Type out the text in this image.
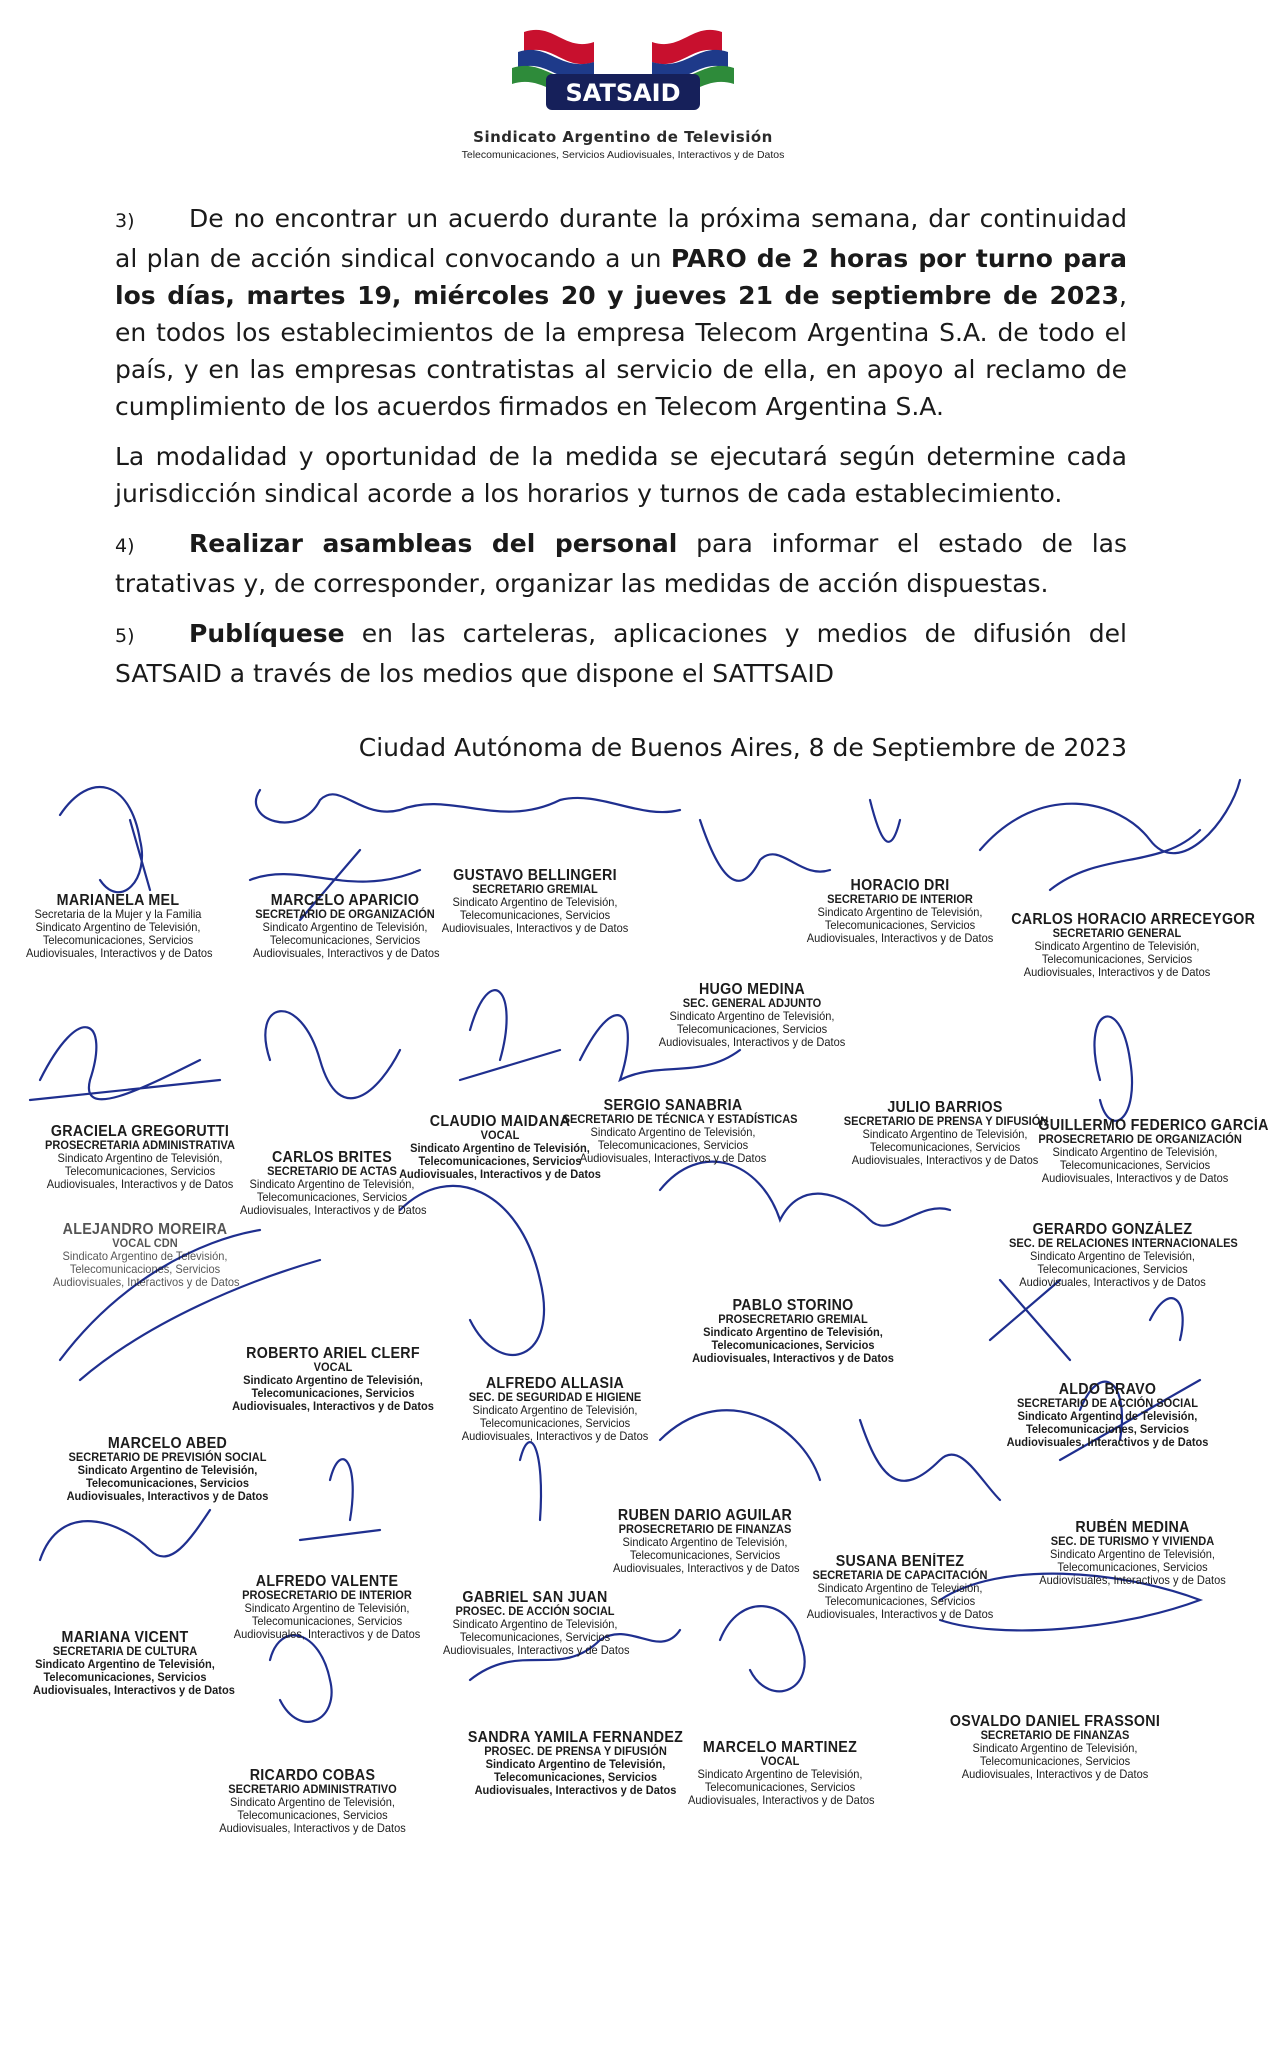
SATSAID
Sindicato Argentino de Televisión
Telecomunicaciones, Servicios Audiovisuales, Interactivos y de Datos

3) De no encontrar un acuerdo durante la próxima semana, dar continuidad al plan de acción sindical convocando a un PARO de 2 horas por turno para los días, martes 19, miércoles 20 y jueves 21 de septiembre de 2023, en todos los establecimientos de la empresa Telecom Argentina S.A. de todo el país, y en las empresas contratistas al servicio de ella, en apoyo al reclamo de cumplimiento de los acuerdos firmados en Telecom Argentina S.A.

La modalidad y oportunidad de la medida se ejecutará según determine cada jurisdicción sindical acorde a los horarios y turnos de cada establecimiento.

4) Realizar asambleas del personal para informar el estado de las tratativas y, de corresponder, organizar las medidas de acción dispuestas.

5) Publíquese en las carteleras, aplicaciones y medios de difusión del SATSAID a través de los medios que dispone el SATTSAID

Ciudad Autónoma de Buenos Aires, 8 de Septiembre de 2023
MARIANELA MEL
Secretaria de la Mujer y la Familia
Sindicato Argentino de Televisión,
Telecomunicaciones, Servicios
Audiovisuales, Interactivos y de Datos
MARCELO APARICIO
SECRETARIO DE ORGANIZACIÓN
Sindicato Argentino de Televisión,
Telecomunicaciones, Servicios
Audiovisuales, Interactivos y de Datos
GUSTAVO BELLINGERI
SECRETARIO GREMIAL
Sindicato Argentino de Televisión,
Telecomunicaciones, Servicios
Audiovisuales, Interactivos y de Datos
HORACIO DRI
SECRETARIO DE INTERIOR
Sindicato Argentino de Televisión,
Telecomunicaciones, Servicios
Audiovisuales, Interactivos y de Datos
CARLOS HORACIO ARRECEYGOR
SECRETARIO GENERAL
Sindicato Argentino de Televisión,
Telecomunicaciones, Servicios
Audiovisuales, Interactivos y de Datos
HUGO MEDINA
SEC. GENERAL ADJUNTO
Sindicato Argentino de Televisión,
Telecomunicaciones, Servicios
Audiovisuales, Interactivos y de Datos
GRACIELA GREGORUTTI
PROSECRETARIA ADMINISTRATIVA
Sindicato Argentino de Televisión,
Telecomunicaciones, Servicios
Audiovisuales, Interactivos y de Datos
CARLOS BRITES
SECRETARIO DE ACTAS
Sindicato Argentino de Televisión,
Telecomunicaciones, Servicios
Audiovisuales, Interactivos y de Datos
CLAUDIO MAIDANA
VOCAL
Sindicato Argentino de Televisión,
Telecomunicaciones, Servicios
Audiovisuales, Interactivos y de Datos
SERGIO SANABRIA
SECRETARIO DE TÉCNICA Y ESTADÍSTICAS
Sindicato Argentino de Televisión,
Telecomunicaciones, Servicios
Audiovisuales, Interactivos y de Datos
JULIO BARRIOS
SECRETARIO DE PRENSA Y DIFUSIÓN
Sindicato Argentino de Televisión,
Telecomunicaciones, Servicios
Audiovisuales, Interactivos y de Datos
GUILLERMO FEDERICO GARCÍA
PROSECRETARIO DE ORGANIZACIÓN
Sindicato Argentino de Televisión,
Telecomunicaciones, Servicios
Audiovisuales, Interactivos y de Datos
ALEJANDRO MOREIRA
VOCAL CDN
Sindicato Argentino de Televisión,
Telecomunicaciones, Servicios
Audiovisuales, Interactivos y de Datos
GERARDO GONZÁLEZ
SEC. DE RELACIONES INTERNACIONALES
Sindicato Argentino de Televisión,
Telecomunicaciones, Servicios
Audiovisuales, Interactivos y de Datos
ROBERTO ARIEL CLERF
VOCAL
Sindicato Argentino de Televisión,
Telecomunicaciones, Servicios
Audiovisuales, Interactivos y de Datos
PABLO STORINO
PROSECRETARIO GREMIAL
Sindicato Argentino de Televisión,
Telecomunicaciones, Servicios
Audiovisuales, Interactivos y de Datos
ALFREDO ALLASIA
SEC. DE SEGURIDAD E HIGIENE
Sindicato Argentino de Televisión,
Telecomunicaciones, Servicios
Audiovisuales, Interactivos y de Datos
ALDO BRAVO
SECRETARIO DE ACCIÓN SOCIAL
Sindicato Argentino de Televisión,
Telecomunicaciones, Servicios
Audiovisuales, Interactivos y de Datos
MARCELO ABED
SECRETARIO DE PREVISIÓN SOCIAL
Sindicato Argentino de Televisión,
Telecomunicaciones, Servicios
Audiovisuales, Interactivos y de Datos
RUBEN DARIO AGUILAR
PROSECRETARIO DE FINANZAS
Sindicato Argentino de Televisión,
Telecomunicaciones, Servicios
Audiovisuales, Interactivos y de Datos
RUBÉN MEDINA
SEC. DE TURISMO Y VIVIENDA
Sindicato Argentino de Televisión,
Telecomunicaciones, Servicios
Audiovisuales, Interactivos y de Datos
SUSANA BENÍTEZ
SECRETARIA DE CAPACITACIÓN
Sindicato Argentino de Televisión,
Telecomunicaciones, Servicios
Audiovisuales, Interactivos y de Datos
ALFREDO VALENTE
PROSECRETARIO DE INTERIOR
Sindicato Argentino de Televisión,
Telecomunicaciones, Servicios
Audiovisuales, Interactivos y de Datos
GABRIEL SAN JUAN
PROSEC. DE ACCIÓN SOCIAL
Sindicato Argentino de Televisión,
Telecomunicaciones, Servicios
Audiovisuales, Interactivos y de Datos
MARIANA VICENT
SECRETARIA DE CULTURA
Sindicato Argentino de Televisión,
Telecomunicaciones, Servicios
Audiovisuales, Interactivos y de Datos
OSVALDO DANIEL FRASSONI
SECRETARIO DE FINANZAS
Sindicato Argentino de Televisión,
Telecomunicaciones, Servicios
Audiovisuales, Interactivos y de Datos
SANDRA YAMILA FERNANDEZ
PROSEC. DE PRENSA Y DIFUSIÓN
Sindicato Argentino de Televisión,
Telecomunicaciones, Servicios
Audiovisuales, Interactivos y de Datos
MARCELO MARTINEZ
VOCAL
Sindicato Argentino de Televisión,
Telecomunicaciones, Servicios
Audiovisuales, Interactivos y de Datos
RICARDO COBAS
SECRETARIO ADMINISTRATIVO
Sindicato Argentino de Televisión,
Telecomunicaciones, Servicios
Audiovisuales, Interactivos y de Datos
